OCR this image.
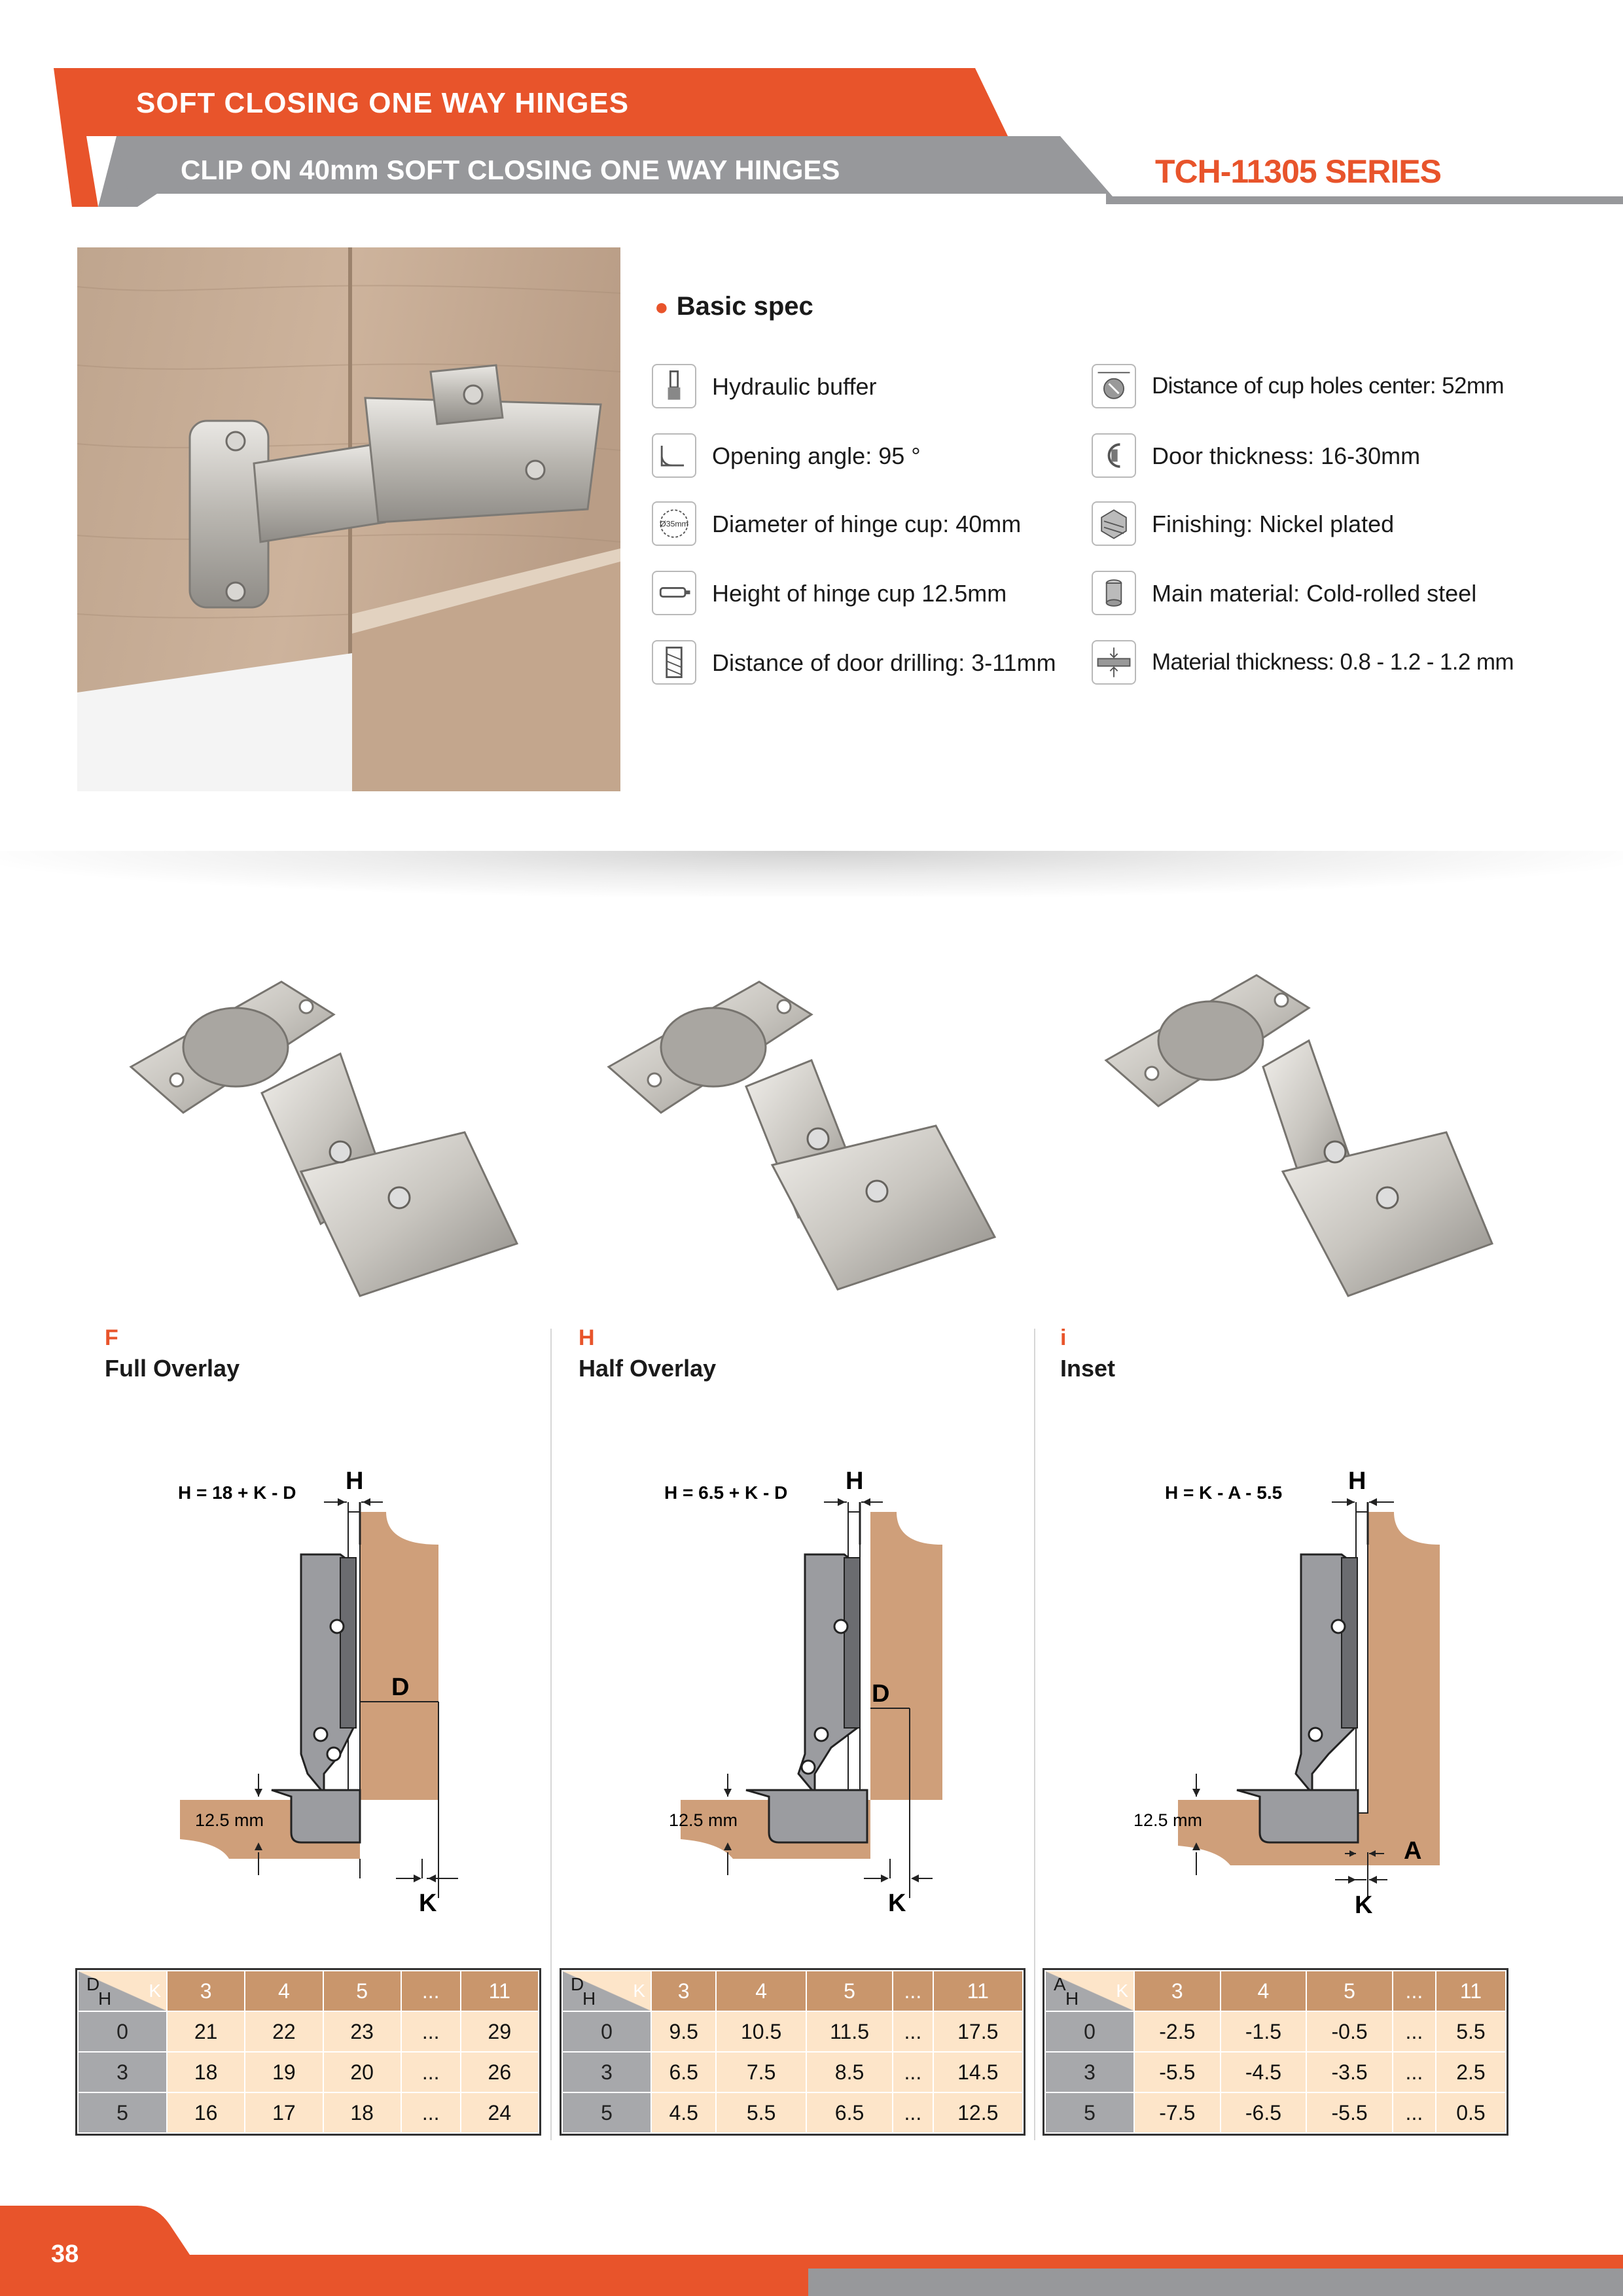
SOFT CLOSING ONE WAY HINGES
CLIP ON 40mm SOFT CLOSING ONE WAY HINGES	TCH-11305 SERIES
● Basic spec
Hydraulic buffer
Opening angle: 95 °
Ø35mm Diameter of hinge cup: 40mm
Height of hinge cup 12.5mm
Distance of door drilling: 3-11mm
Distance of cup holes center: 52mm
Door thickness: 16-30mm
Finishing: Nickel plated
Main material: Cold-rolled steel
Material thickness: 0.8 - 1.2 - 1.2 mm
F
Full Overlay
H
Half Overlay
i
Inset
H = 18 + K - D H
D
K
12.5 mm
H = 6.5 + K - D H
D
K
12.5 mm
H = K - A - 5.5	H
A
K
12.5 mm
D
H K	3	4	5	...	11
0	21	22	23	...	29
3	18	19	20	...	26
5	16	17	18	...	24
D
H K	3	4	5	...	11
0	9.5	10.5	11.5	...	17.5
3	6.5	7.5	8.5	...	14.5
5	4.5	5.5	6.5	...	12.5
A
H K	3	4	5	...	11
0	-2.5	-1.5	-0.5	...	5.5
3	-5.5	-4.5	-3.5	...	2.5
5	-7.5	-6.5	-5.5	...	0.5
38
